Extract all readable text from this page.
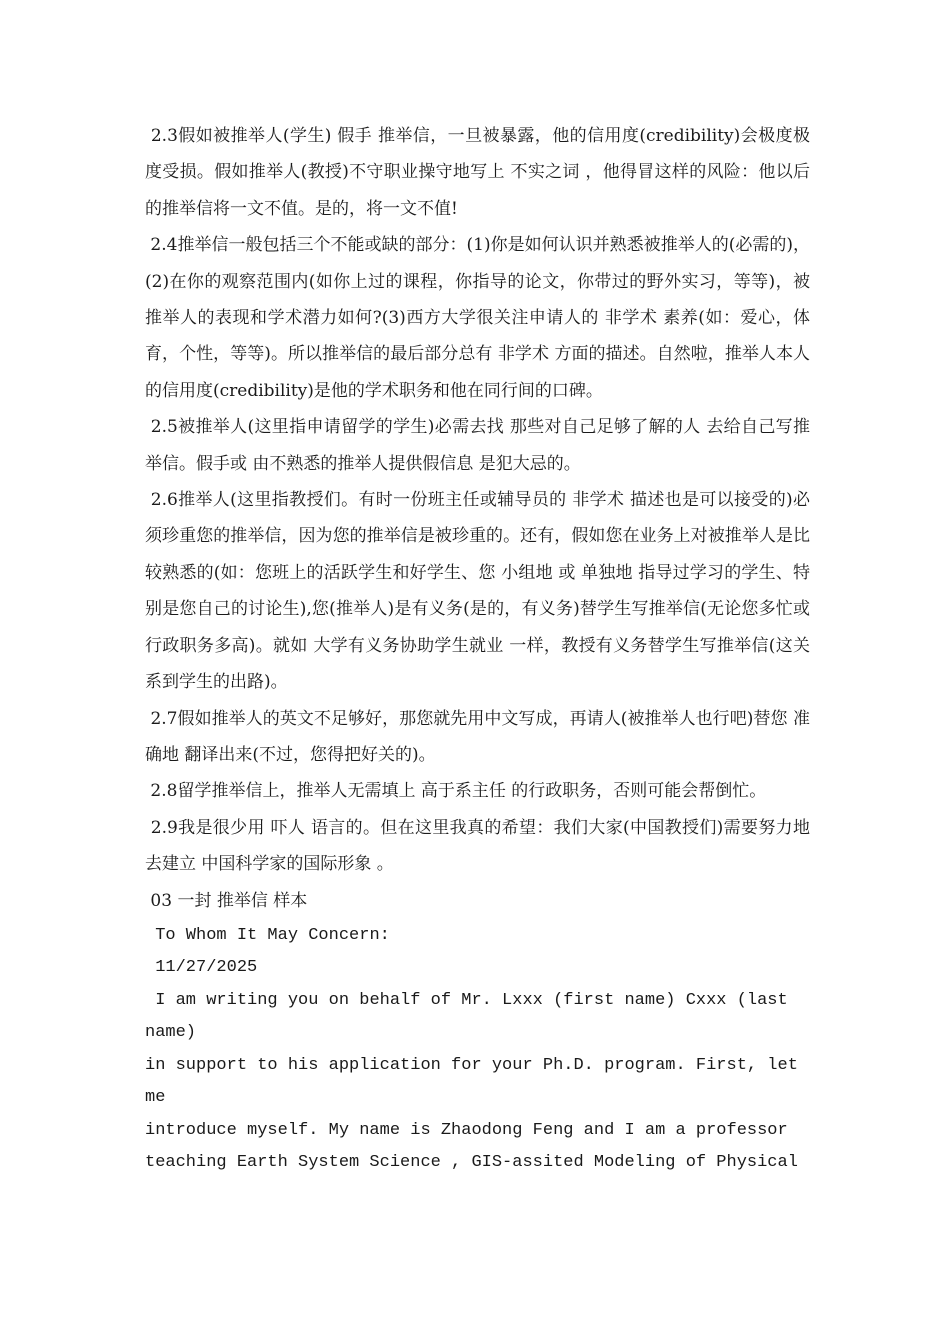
2.3假如被推举人(学生) 假手 推举信，一旦被暴露，他的信用度(credibility)会极度极度受损。假如推举人(教授)不守职业操守地写上 不实之词 ，他得冒这样的风险：他以后的推举信将一文不值。是的，将一文不值!

2.4推举信一般包括三个不能或缺的部分：(1)你是如何认识并熟悉被推举人的(必需的)，(2)在你的观察范围内(如你上过的课程，你指导的论文，你带过的野外实习，等等)，被推举人的表现和学术潜力如何?(3)西方大学很关注申请人的 非学术 素养(如：爱心，体育，个性，等等)。所以推举信的最后部分总有 非学术 方面的描述。自然啦，推举人本人的信用度(credibility)是他的学术职务和他在同行间的口碑。

2.5被推举人(这里指申请留学的学生)必需去找 那些对自己足够了解的人 去给自己写推举信。假手或 由不熟悉的推举人提供假信息 是犯大忌的。

2.6推举人(这里指教授们。有时一份班主任或辅导员的 非学术 描述也是可以接受的)必须珍重您的推举信，因为您的推举信是被珍重的。还有，假如您在业务上对被推举人是比较熟悉的(如：您班上的活跃学生和好学生、您 小组地 或 单独地 指导过学习的学生、特别是您自己的讨论生),您(推举人)是有义务(是的，有义务)替学生写推举信(无论您多忙或行政职务多高)。就如 大学有义务协助学生就业 一样，教授有义务替学生写推举信(这关系到学生的出路)。

2.7假如推举人的英文不足够好，那您就先用中文写成，再请人(被推举人也行吧)替您 准确地 翻译出来(不过，您得把好关的)。

2.8留学推举信上，推举人无需填上 高于系主任 的行政职务，否则可能会帮倒忙。

2.9我是很少用 吓人 语言的。但在这里我真的希望：我们大家(中国教授们)需要努力地去建立 中国科学家的国际形象 。

03 一封 推举信 样本

To Whom It May Concern:

11/27/2025

I am writing you on behalf of Mr. Lxxx (first name) Cxxx (last name)

in support to his application for your Ph.D. program. First, let me

introduce myself. My name is Zhaodong Feng and I am a professor

teaching Earth System Science , GIS-assited Modeling of Physical
